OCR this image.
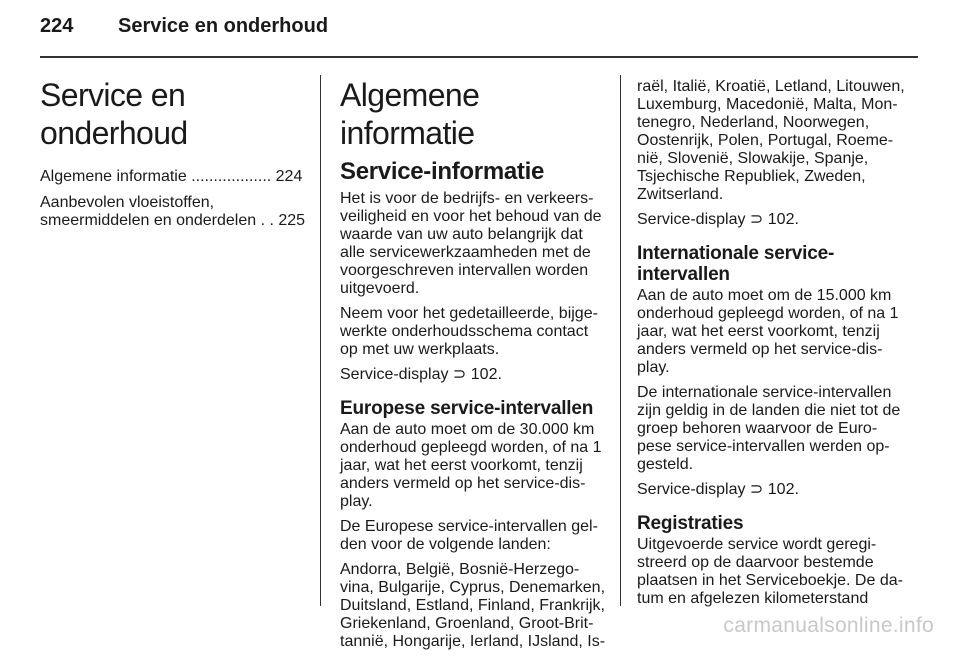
224 Service en onderhoud
Service en onderhoud
Algemene informatie .................. 224
Aanbevolen vloeistoffen, smeermiddelen en onderdelen . . 225
Algemene informatie
Service-informatie

Het is voor de bedrijfs- en verkeers- veiligheid en voor het behoud van de waarde van uw auto belangrijk dat alle servicewerkzaamheden met de voorgeschreven intervallen worden uitgevoerd.

Neem voor het gedetailleerde, bijge- werkte onderhoudsschema contact op met uw werkplaats.

Service-display ⊃ 102.

Europese service-intervallen

Aan de auto moet om de 30.000 km onderhoud gepleegd worden, of na 1 jaar, wat het eerst voorkomt, tenzij anders vermeld op het service-dis- play.

De Europese service-intervallen gel- den voor de volgende landen:

Andorra, België, Bosnië-Herzego- vina, Bulgarije, Cyprus, Denemarken, Duitsland, Estland, Finland, Frankrijk, Griekenland, Groenland, Groot-Brit- tannië, Hongarije, Ierland, IJsland, Is-

raël, Italië, Kroatië, Letland, Litouwen, Luxemburg, Macedonië, Malta, Mon- tenegro, Nederland, Noorwegen, Oostenrijk, Polen, Portugal, Roeme- nië, Slovenië, Slowakije, Spanje, Tsjechische Republiek, Zweden, Zwitserland.

Service-display ⊃ 102.

Internationale service-intervallen

Aan de auto moet om de 15.000 km onderhoud gepleegd worden, of na 1 jaar, wat het eerst voorkomt, tenzij anders vermeld op het service-dis- play.

De internationale service-intervallen zijn geldig in de landen die niet tot de groep behoren waarvoor de Euro- pese service-intervallen werden op- gesteld.

Service-display ⊃ 102.

Registraties

Uitgevoerde service wordt geregi- streerd op de daarvoor bestemde plaatsen in het Serviceboekje. De da- tum en afgelezen kilometerstand

carmanualsonline.info
